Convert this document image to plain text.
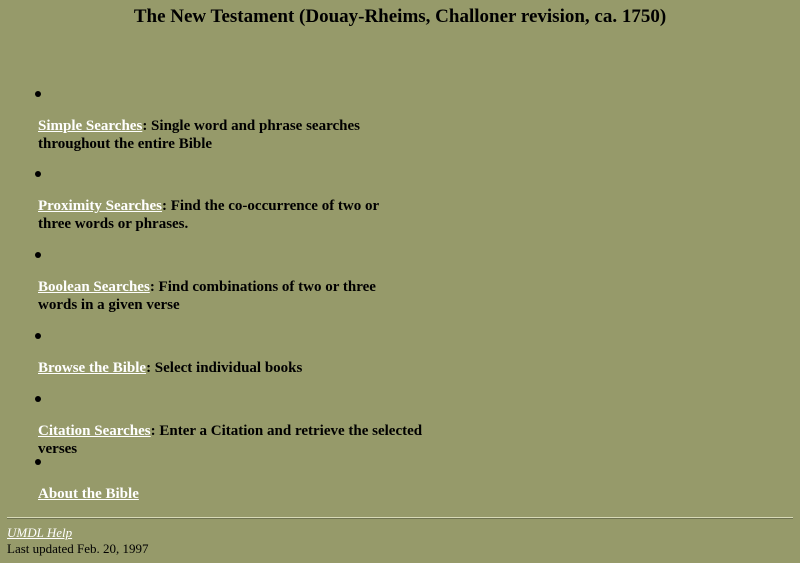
The New Testament (Douay-Rheims, Challoner revision, ca. 1750)
Simple Searches: Single word and phrase searches throughout the entire Bible
Proximity Searches: Find the co-occurrence of two or three words or phrases.
Boolean Searches: Find combinations of two or three words in a given verse
Browse the Bible: Select individual books
Citation Searches: Enter a Citation and retrieve the selected verses
About the Bible
UMDL Help
Last updated Feb. 20, 1997
